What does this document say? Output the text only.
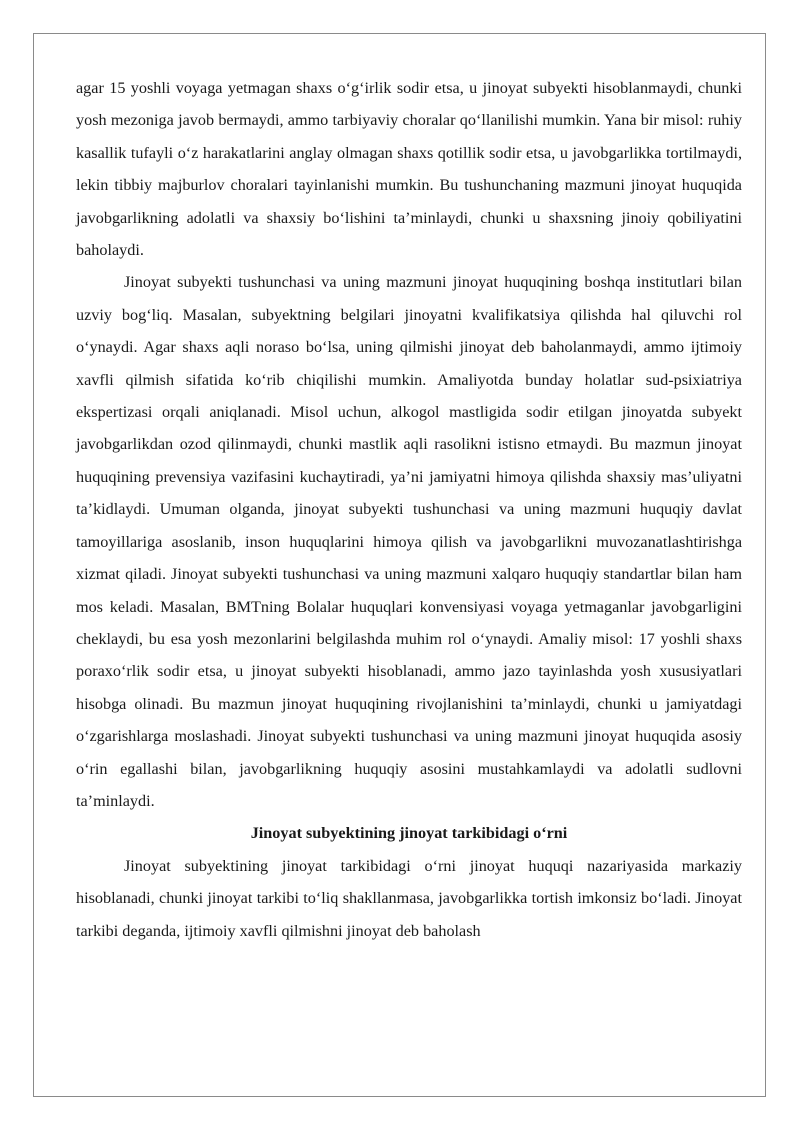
agar 15 yoshli voyaga yetmagan shaxs o‘g‘irlik sodir etsa, u jinoyat subyekti hisoblanmaydi, chunki yosh mezoniga javob bermaydi, ammo tarbiyaviy choralar qo‘llanilishi mumkin. Yana bir misol: ruhiy kasallik tufayli o‘z harakatlarini anglay olmagan shaxs qotillik sodir etsa, u javobgarlikka tortilmaydi, lekin tibbiy majburlov choralari tayinlanishi mumkin. Bu tushunchaning mazmuni jinoyat huquqida javobgarlikning adolatli va shaxsiy bo‘lishini ta’minlaydi, chunki u shaxsning jinoiy qobiliyatini baholaydi.

Jinoyat subyekti tushunchasi va uning mazmuni jinoyat huquqining boshqa institutlari bilan uzviy bog‘liq. Masalan, subyektning belgilari jinoyatni kvalifikatsiya qilishda hal qiluvchi rol o‘ynaydi. Agar shaxs aqli noraso bo‘lsa, uning qilmishi jinoyat deb baholanmaydi, ammo ijtimoiy xavfli qilmish sifatida ko‘rib chiqilishi mumkin. Amaliyotda bunday holatlar sud-psixiatriya ekspertizasi orqali aniqlanadi. Misol uchun, alkogol mastligida sodir etilgan jinoyatda subyekt javobgarlikdan ozod qilinmaydi, chunki mastlik aqli rasolikni istisno etmaydi. Bu mazmun jinoyat huquqining prevensiya vazifasini kuchaytiradi, ya’ni jamiyatni himoya qilishda shaxsiy mas’uliyatni ta’kidlaydi. Umuman olganda, jinoyat subyekti tushunchasi va uning mazmuni huquqiy davlat tamoyillariga asoslanib, inson huquqlarini himoya qilish va javobgarlikni muvozanatlashtirishga xizmat qiladi. Jinoyat subyekti tushunchasi va uning mazmuni xalqaro huquqiy standartlar bilan ham mos keladi. Masalan, BMTning Bolalar huquqlari konvensiyasi voyaga yetmaganlar javobgarligini cheklaydi, bu esa yosh mezonlarini belgilashda muhim rol o‘ynaydi. Amaliy misol: 17 yoshli shaxs poraxo‘rlik sodir etsa, u jinoyat subyekti hisoblanadi, ammo jazo tayinlashda yosh xususiyatlari hisobga olinadi. Bu mazmun jinoyat huquqining rivojlanishini ta’minlaydi, chunki u jamiyatdagi o‘zgarishlarga moslashadi. Jinoyat subyekti tushunchasi va uning mazmuni jinoyat huquqida asosiy o‘rin egallashi bilan, javobgarlikning huquqiy asosini mustahkamlaydi va adolatli sudlovni ta’minlaydi.

Jinoyat subyektining jinoyat tarkibidagi o‘rni

Jinoyat subyektining jinoyat tarkibidagi o‘rni jinoyat huquqi nazariyasida markaziy hisoblanadi, chunki jinoyat tarkibi to‘liq shakllanmasa, javobgarlikka tortish imkonsiz bo‘ladi. Jinoyat tarkibi deganda, ijtimoiy xavfli qilmishni jinoyat deb baholash
